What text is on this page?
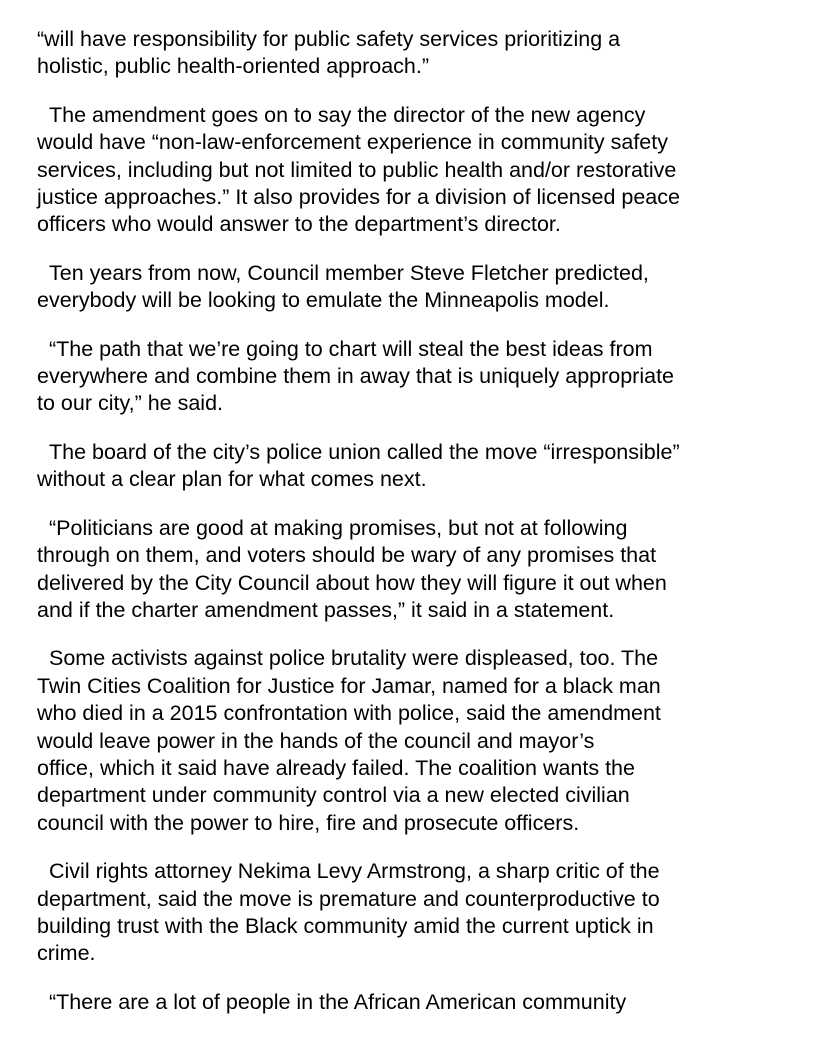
“will have responsibility for public safety services prioritizing a
holistic, public health-oriented approach.”

The amendment goes on to say the director of the new agency
would have “non-law-enforcement experience in community safety
services, including but not limited to public health and/or restorative
justice approaches.” It also provides for a division of licensed peace
officers who would answer to the department’s director.

Ten years from now, Council member Steve Fletcher predicted,
everybody will be looking to emulate the Minneapolis model.

“The path that we’re going to chart will steal the best ideas from
everywhere and combine them in away that is uniquely appropriate
to our city,” he said.

The board of the city’s police union called the move “irresponsible”
without a clear plan for what comes next.

“Politicians are good at making promises, but not at following
through on them, and voters should be wary of any promises that
delivered by the City Council about how they will figure it out when
and if the charter amendment passes,” it said in a statement.

Some activists against police brutality were displeased, too. The
Twin Cities Coalition for Justice for Jamar, named for a black man
who died in a 2015 confrontation with police, said the amendment
would leave power in the hands of the council and mayor’s
office, which it said have already failed. The coalition wants the
department under community control via a new elected civilian
council with the power to hire, fire and prosecute officers.

Civil rights attorney Nekima Levy Armstrong, a sharp critic of the
department, said the move is premature and counterproductive to
building trust with the Black community amid the current uptick in
crime.

“There are a lot of people in the African American community
